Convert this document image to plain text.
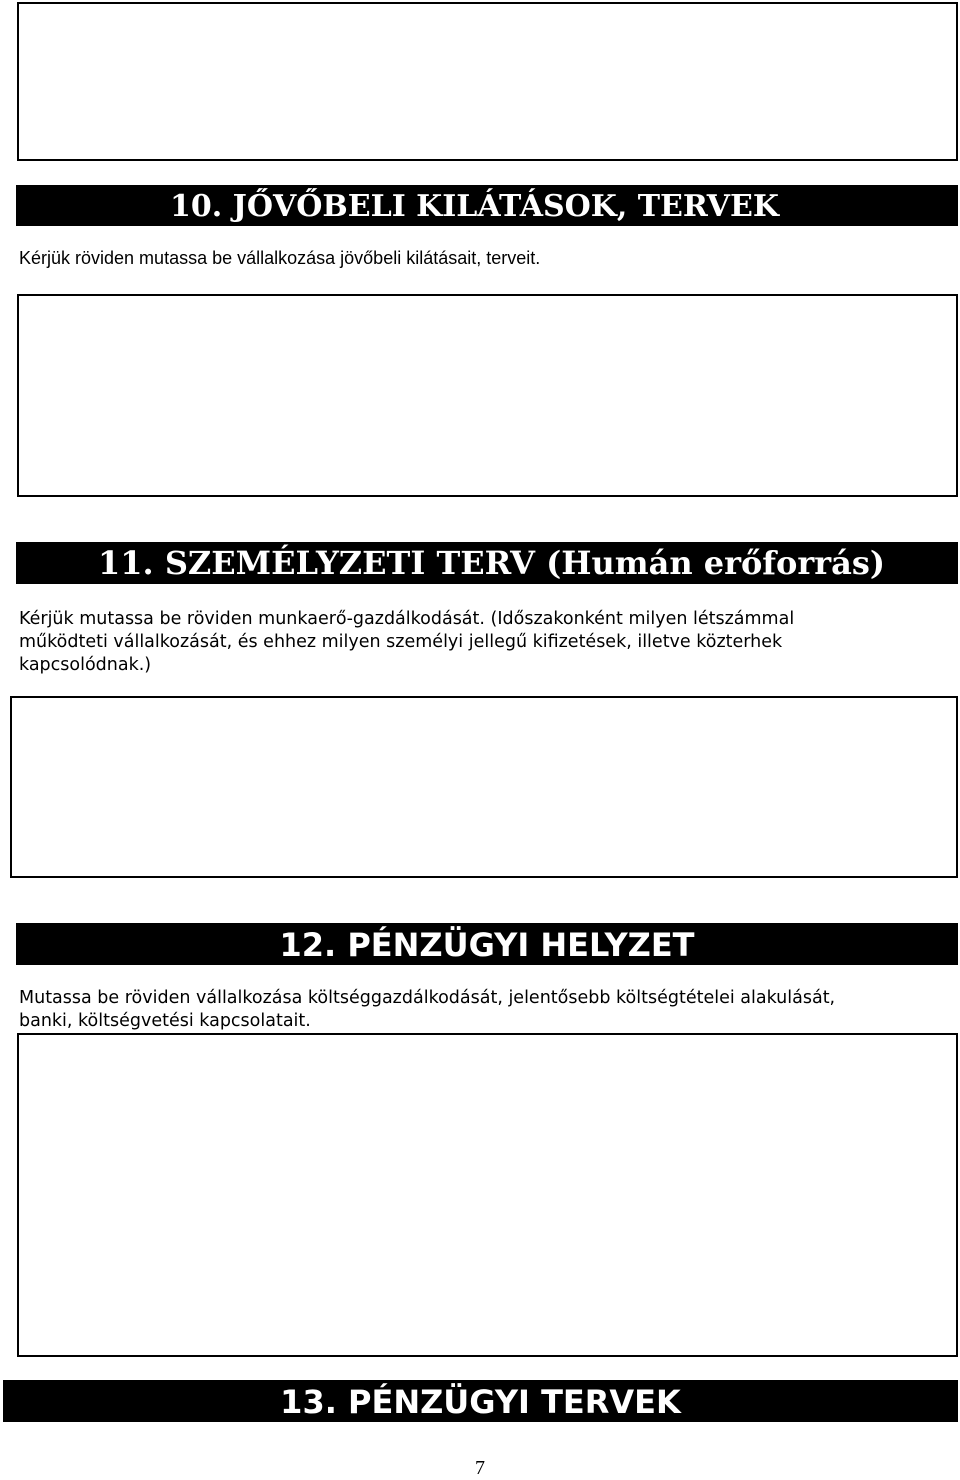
10. JŐVŐBELI KILÁTÁSOK, TERVEK
Kérjük röviden mutassa be vállalkozása jövőbeli kilátásait, terveit.
11. SZEMÉLYZETI TERV (Humán erőforrás)
Kérjük mutassa be röviden munkaerő-gazdálkodását. (Időszakonként milyen létszámmal
működteti vállalkozását, és ehhez milyen személyi jellegű kifizetések, illetve közterhek
kapcsolódnak.)
12. PÉNZÜGYI HELYZET
Mutassa be röviden vállalkozása költséggazdálkodását, jelentősebb költségtételei alakulását,
banki, költségvetési kapcsolatait.
13. PÉNZÜGYI TERVEK
7
